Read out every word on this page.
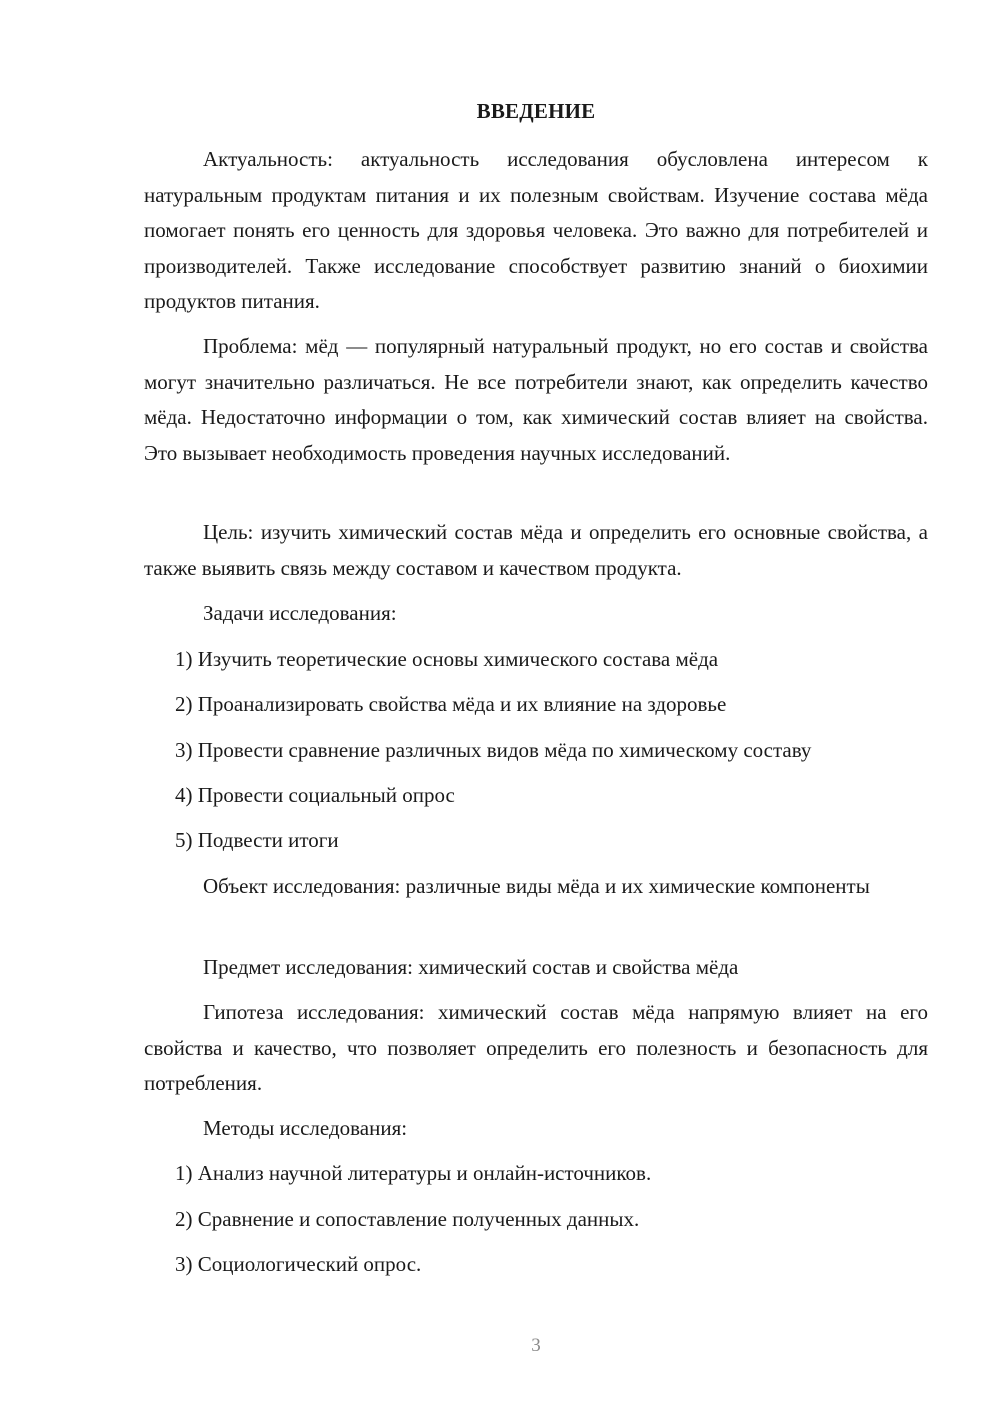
ВВЕДЕНИЕ

Актуальность: актуальность исследования обусловлена интересом к натуральным продуктам питания и их полезным свойствам. Изучение состава мёда помогает понять его ценность для здоровья человека. Это важно для потребителей и производителей. Также исследование способствует развитию знаний о биохимии продуктов питания.

Проблема: мёд — популярный натуральный продукт, но его состав и свойства могут значительно различаться. Не все потребители знают, как определить качество мёда. Недостаточно информации о том, как химический состав влияет на свойства. Это вызывает необходимость проведения научных исследований.

Цель: изучить химический состав мёда и определить его основные свойства, а также выявить связь между составом и качеством продукта.

Задачи исследования:

1) Изучить теоретические основы химического состава мёда

2) Проанализировать свойства мёда и их влияние на здоровье

3) Провести сравнение различных видов мёда по химическому составу

4) Провести социальный опрос

5) Подвести итоги

Объект исследования: различные виды мёда и их химические компоненты

Предмет исследования: химический состав и свойства мёда

Гипотеза исследования: химический состав мёда напрямую влияет на его свойства и качество, что позволяет определить его полезность и безопасность для потребления.

Методы исследования:

1) Анализ научной литературы и онлайн-источников.

2) Сравнение и сопоставление полученных данных.

3) Социологический опрос.

3
